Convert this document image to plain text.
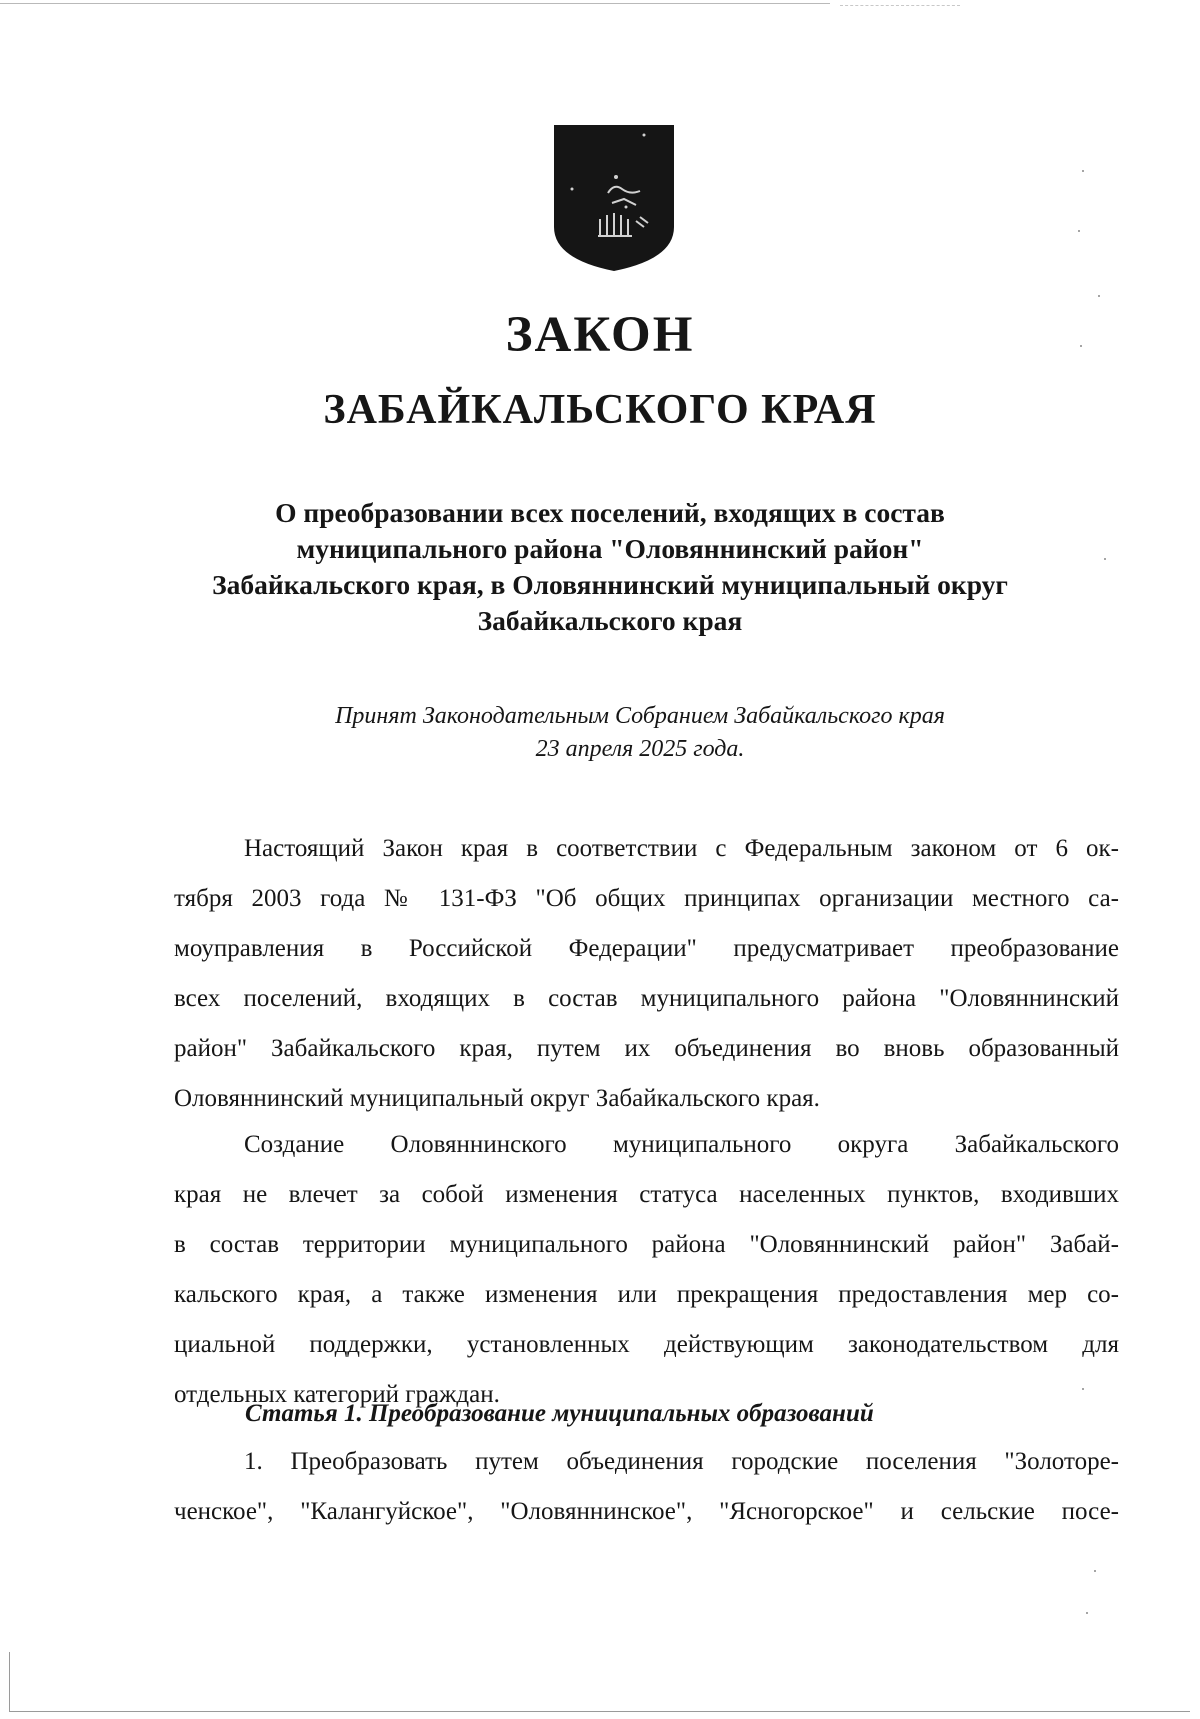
ЗАКОН
ЗАБАЙКАЛЬСКОГО КРАЯ
О преобразовании всех поселений, входящих в состав
муниципального района "Оловяннинский район"
Забайкальского края, в Оловяннинский муниципальный округ
Забайкальского края
Принят Законодательным Собранием Забайкальского края
23 апреля 2025 года.
Настоящий Закон края в соответствии с Федеральным законом от 6 ок-
тября 2003 года № 131-ФЗ "Об общих принципах организации местного са-
моуправления в Российской Федерации" предусматривает преобразование
всех поселений, входящих в состав муниципального района "Оловяннинский
район" Забайкальского края, путем их объединения во вновь образованный
Оловяннинский муниципальный округ Забайкальского края.
Создание Оловяннинского муниципального округа Забайкальского
края не влечет за собой изменения статуса населенных пунктов, входивших
в состав территории муниципального района "Оловяннинский район" Забай-
кальского края, а также изменения или прекращения предоставления мер со-
циальной поддержки, установленных действующим законодательством для
отдельных категорий граждан.
Статья 1. Преобразование муниципальных образований
1. Преобразовать путем объединения городские поселения "Золоторе-
ченское", "Калангуйское", "Оловяннинское", "Ясногорское" и сельские посе-
